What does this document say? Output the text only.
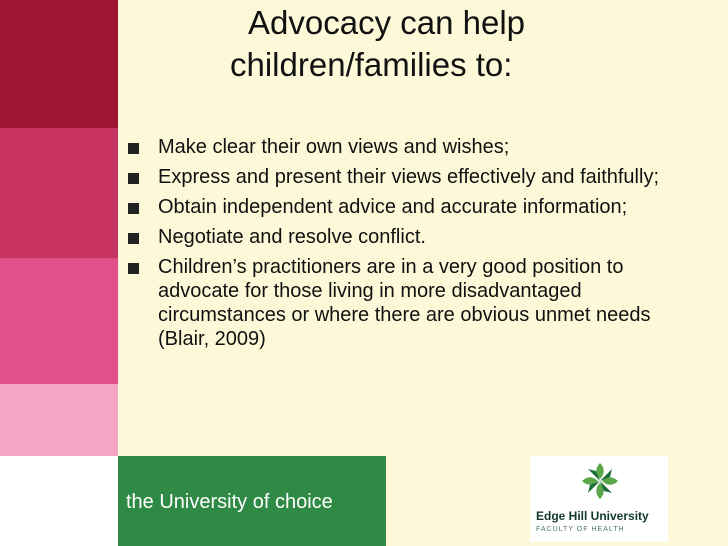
Advocacy can help
children/families to:
Make clear their own views and wishes;
Express and present their views effectively and faithfully;
Obtain independent advice and accurate information;
Negotiate and resolve conflict.
Children’s practitioners are in a very good position to advocate for those living in more disadvantaged circumstances or where there are obvious unmet needs (Blair, 2009)
the University of choice
Edge Hill University
FACULTY OF HEALTH
